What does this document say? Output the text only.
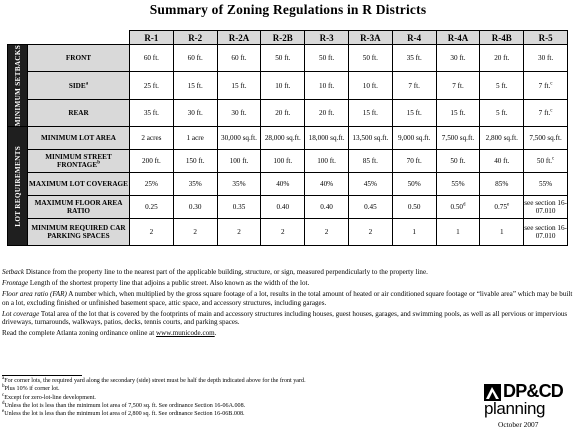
Summary of Zoning Regulations in R Districts
		R-1	R-2	R-2A	R-2B	R-3	R-3A	R-4	R-4A	R-4B	R-5

MINIMUM SETBACKS	FRONT	60 ft.	60 ft.	60 ft.	50 ft.	50 ft.	50 ft.	35 ft.	30 ft.	20 ft.	30 ft.
	SIDE$^a$	25 ft.	15 ft.	15 ft.	10 ft.	10 ft.	10 ft.	7 ft.	7 ft.	5 ft.	7 ft.$^c$
	REAR	35 ft.	30 ft.	30 ft.	20 ft.	20 ft.	15 ft.	15 ft.	15 ft.	5 ft.	7 ft.$^c$

LOT REQUIREMENTS	MINIMUM LOT AREA	2 acres	1 acre	30,000 sq.ft.	28,000 sq.ft.	18,000 sq.ft.	13,500 sq.ft.	9,000 sq.ft.	7,500 sq.ft.	2,800 sq.ft.	7,500 sq.ft.
	MINIMUM STREET FRONTAGE$^b$	200 ft.	150 ft.	100 ft.	100 ft.	100 ft.	85 ft.	70 ft.	50 ft.	40 ft.	50 ft.$^c$
	MAXIMUM LOT COVERAGE	25%	35%	35%	40%	40%	45%	50%	55%	85%	55%
	MAXIMUM FLOOR AREA RATIO	0.25	0.30	0.35	0.40	0.40	0.45	0.50	0.50$^d$	0.75e	see section 16-07.010
	MINIMUM REQUIRED CAR PARKING SPACES	2	2	2	2	2	2	1	1	1	see section 16-07.010

Setback Distance from the property line to the nearest part of the applicable building, structure, or sign, measured perpendicularly to the property line.

Frontage Length of the shortest property line that adjoins a public street. Also known as the width of the lot.

Floor area ratio (FAR) A number which, when multiplied by the gross square footage of a lot, results in the total amount of heated or air conditioned square footage or “livable area” which may be built on a lot, excluding finished or unfinished basement space, attic space, and accessory structures, including garages.

Lot coverage Total area of the lot that is covered by the footprints of main and accessory structures including houses, guest houses, garages, and swimming pools, as well as all pervious or impervious driveways, turnarounds, walkways, patios, decks, tennis courts, and parking spaces.

Read the complete Atlanta zoning ordinance online at www.municode.com.

$^a$For corner lots, the required yard along the secondary (side) street must be half the depth indicated above for the front yard.
$^b$Plus 10% if corner lot.
$^c$Except for zero-lot-line development.
$^d$Unless the lot is less than the minimum lot area of 7,500 sq. ft. See ordinance Section 16-06A.008.
$^e$Unless the lot is less than the minimum lot area of 2,800 sq. ft. See ordinance Section 16-06B.008.
DP&CD
planning
October 2007
